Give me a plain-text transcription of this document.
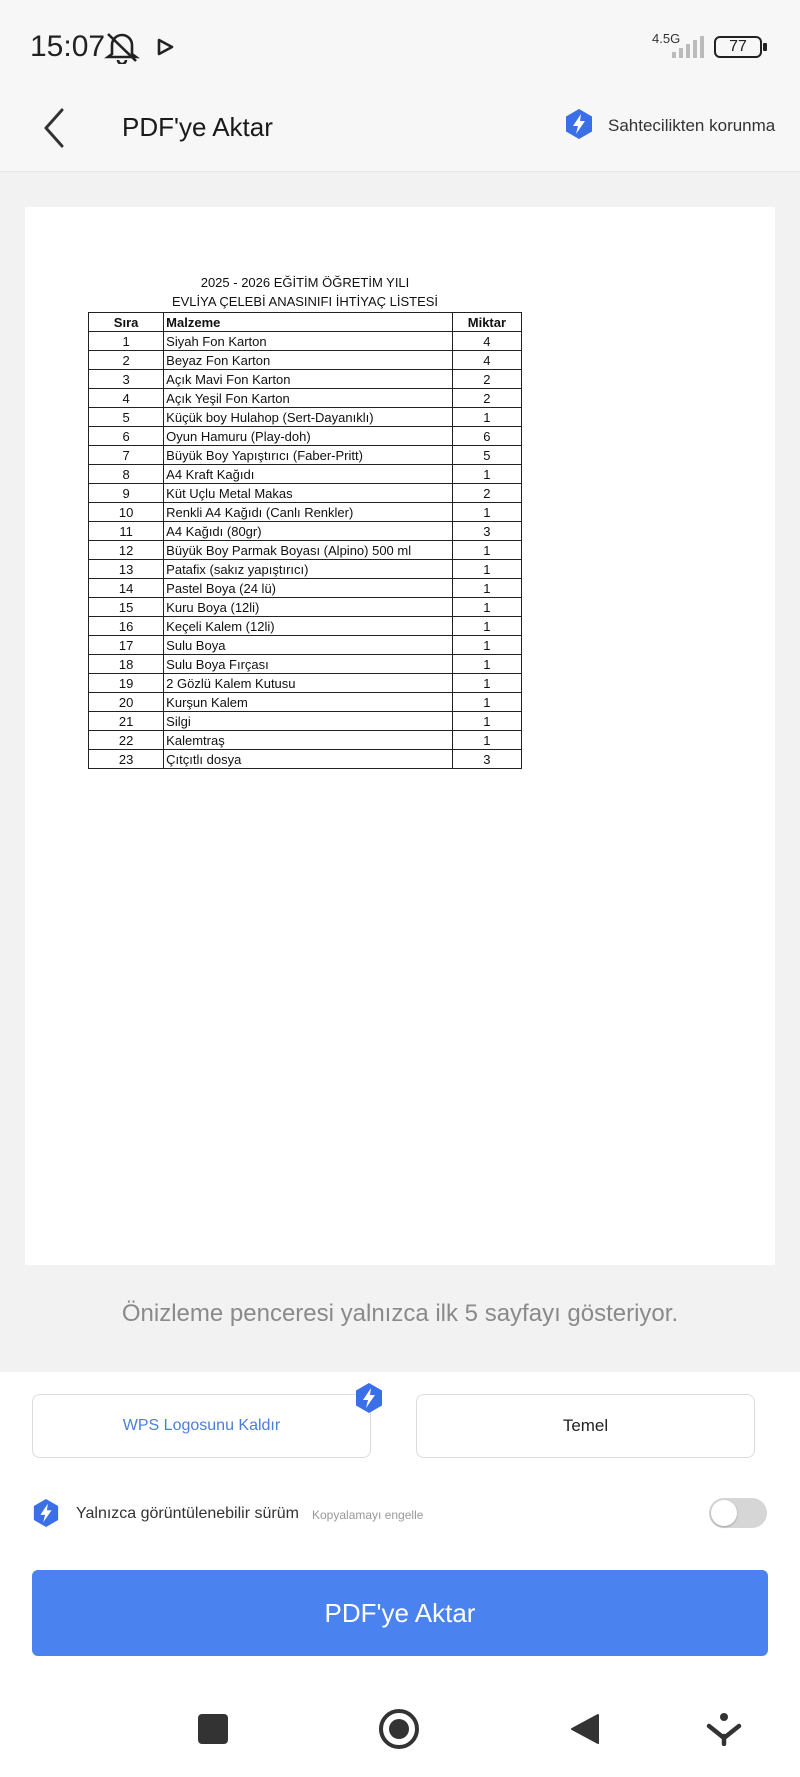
15:07	4.5G	77
PDF'ye Aktar	Sahtecilikten korunma
2025 - 2026 EĞİTİM ÖĞRETİM YILI
EVLİYA ÇELEBİ ANASINIFI İHTİYAÇ LİSTESİ
Sıra	Malzeme	Miktar
1	Siyah Fon Karton	4
2	Beyaz Fon Karton	4
3	Açık Mavi Fon Karton	2
4	Açık Yeşil Fon Karton	2
5	Küçük boy Hulahop (Sert-Dayanıklı)	1
6	Oyun Hamuru (Play-doh)	6
7	Büyük Boy Yapıştırıcı (Faber-Pritt)	5
8	A4 Kraft Kağıdı	1
9	Küt Uçlu Metal Makas	2
10	Renkli A4 Kağıdı (Canlı Renkler)	1
11	A4 Kağıdı (80gr)	3
12	Büyük Boy Parmak Boyası (Alpino) 500 ml	1
13	Patafix (sakız yapıştırıcı)	1
14	Pastel Boya (24 lü)	1
15	Kuru Boya (12li)	1
16	Keçeli Kalem (12li)	1
17	Sulu Boya	1
18	Sulu Boya Fırçası	1
19	2 Gözlü Kalem Kutusu	1
20	Kurşun Kalem	1
21	Silgi	1
22	Kalemtraş	1
23	Çıtçıtlı dosya	3
Önizleme penceresi yalnızca ilk 5 sayfayı gösteriyor.
WPS Logosunu Kaldır	Temel
Yalnızca görüntülenebilir sürüm Kopyalamayı engelle
PDF'ye Aktar
